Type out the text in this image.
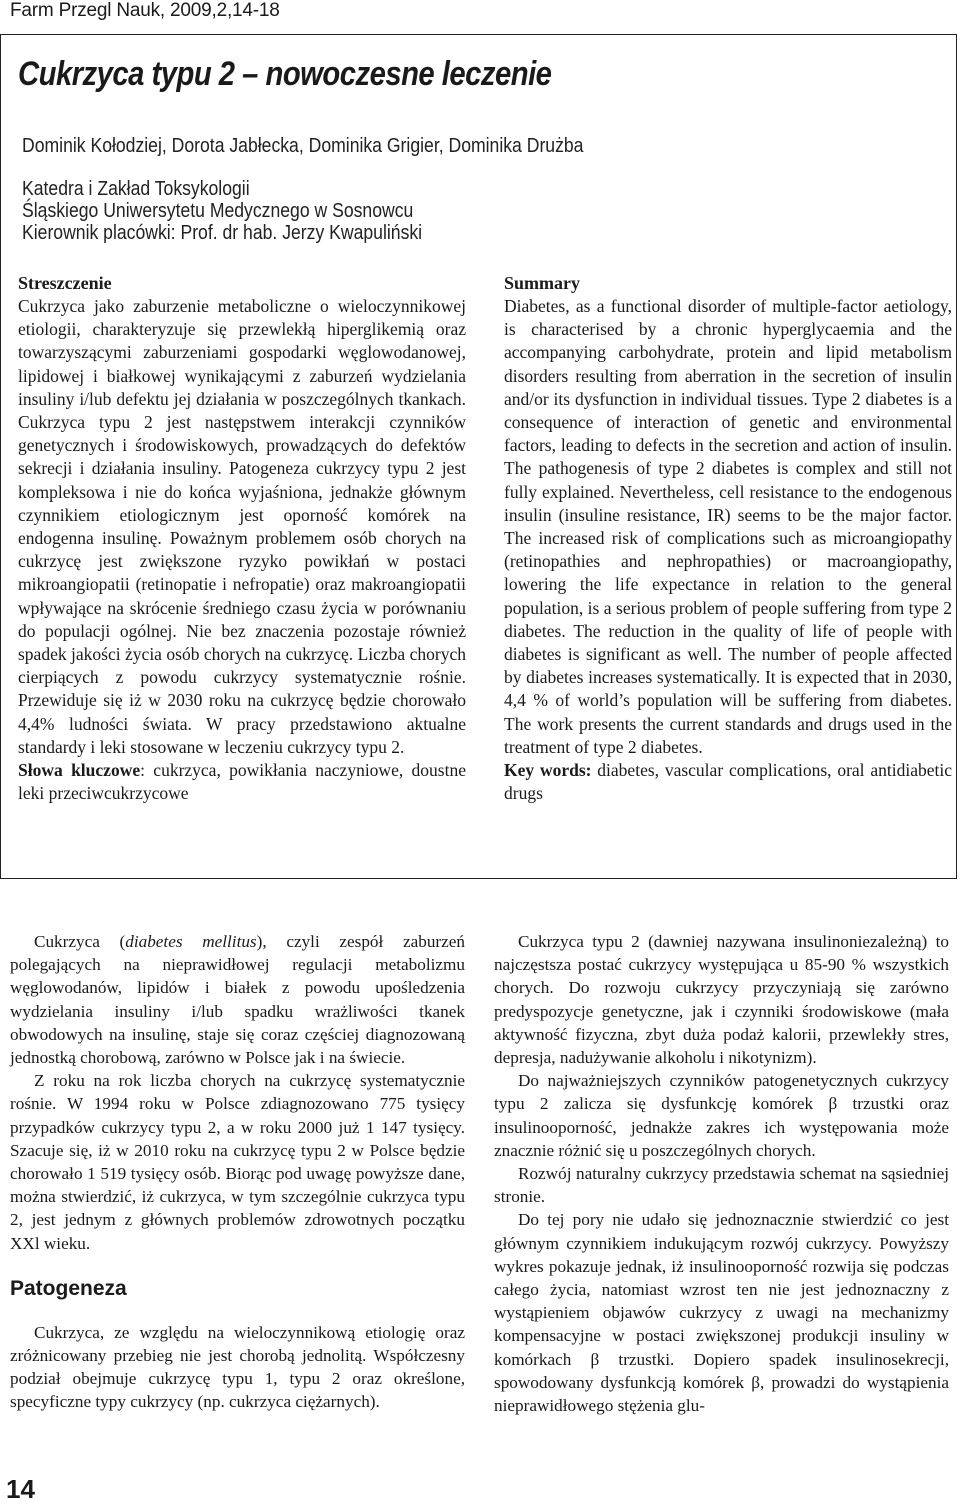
Farm Przegl Nauk, 2009,2,14-18
Cukrzyca typu 2 – nowoczesne leczenie
Dominik Kołodziej, Dorota Jabłecka, Dominika Grigier, Dominika Drużba
Katedra i Zakład Toksykologii
Śląskiego Uniwersytetu Medycznego w Sosnowcu
Kierownik placówki: Prof. dr hab. Jerzy Kwapuliński
Streszczenie

Cukrzyca jako zaburzenie metaboliczne o wieloczynnikowej etiologii, charakteryzuje się przewlekłą hiperglikemią oraz towarzyszącymi zaburzeniami gospodarki węglowodanowej, lipidowej i białkowej wynikającymi z zaburzeń wydzielania insuliny i/lub defektu jej działania w poszczególnych tkankach. Cukrzyca typu 2 jest następstwem interakcji czynników genetycznych i środowiskowych, prowadzących do defektów sekrecji i działania insuliny. Patogeneza cukrzycy typu 2 jest kompleksowa i nie do końca wyjaśniona, jednakże głównym czynnikiem etiologicznym jest oporność komórek na endogenna insulinę. Poważnym problemem osób chorych na cukrzycę jest zwiększone ryzyko powikłań w postaci mikroangiopatii (retinopatie i nefropatie) oraz makroangiopatii wpływające na skrócenie średniego czasu życia w porównaniu do populacji ogólnej. Nie bez znaczenia pozostaje również spadek jakości życia osób chorych na cukrzycę. Liczba chorych cierpiących z powodu cukrzycy systematycznie rośnie. Przewiduje się iż w 2030 roku na cukrzycę będzie chorowało 4,4% ludności świata. W pracy przedstawiono aktualne standardy i leki stosowane w leczeniu cukrzycy typu 2.

Słowa kluczowe: cukrzyca, powikłania naczyniowe, doustne leki przeciwcukrzycowe

Summary

Diabetes, as a functional disorder of multiple-factor aetiology, is characterised by a chronic hyperglycaemia and the accompanying carbohydrate, protein and lipid metabolism disorders resulting from aberration in the secretion of insulin and/or its dysfunction in individual tissues. Type 2 diabetes is a consequence of interaction of genetic and environmental factors, leading to defects in the secretion and action of insulin. The pathogenesis of type 2 diabetes is complex and still not fully explained. Nevertheless, cell resistance to the endogenous insulin (insuline resistance, IR) seems to be the major factor. The increased risk of complications such as microangiopathy (retinopathies and nephropathies) or macroangiopathy, lowering the life expectance in relation to the general population, is a serious problem of people suffering from type 2 diabetes. The reduction in the quality of life of people with diabetes is significant as well. The number of people affected by diabetes increases systematically. It is expected that in 2030, 4,4 % of world’s population will be suffering from diabetes. The work presents the current standards and drugs used in the treatment of type 2 diabetes.

Key words: diabetes, vascular complications, oral antidiabetic drugs

Cukrzyca (diabetes mellitus), czyli zespół zaburzeń polegających na nieprawidłowej regulacji metabolizmu węglowodanów, lipidów i białek z powodu upośledzenia wydzielania insuliny i/lub spadku wrażliwości tkanek obwodowych na insulinę, staje się coraz częściej diagnozowaną jednostką chorobową, zarówno w Polsce jak i na świecie.

Z roku na rok liczba chorych na cukrzycę systematycznie rośnie. W 1994 roku w Polsce zdiagnozowano 775 tysięcy przypadków cukrzycy typu 2, a w roku 2000 już 1 147 tysięcy. Szacuje się, iż w 2010 roku na cukrzycę typu 2 w Polsce będzie chorowało 1 519 tysięcy osób. Biorąc pod uwagę powyższe dane, można stwierdzić, iż cukrzyca, w tym szczególnie cukrzyca typu 2, jest jednym z głównych problemów zdrowotnych początku XXl wieku.

Patogeneza

Cukrzyca, ze względu na wieloczynnikową etiologię oraz zróżnicowany przebieg nie jest chorobą jednolitą. Współczesny podział obejmuje cukrzycę typu 1, typu 2 oraz określone, specyficzne typy cukrzycy (np. cukrzyca ciężarnych).

Cukrzyca typu 2 (dawniej nazywana insulinoniezależną) to najczęstsza postać cukrzycy występująca u 85-90 % wszystkich chorych. Do rozwoju cukrzycy przyczyniają się zarówno predyspozycje genetyczne, jak i czynniki środowiskowe (mała aktywność fizyczna, zbyt duża podaż kalorii, przewlekły stres, depresja, nadużywanie alkoholu i nikotynizm).

Do najważniejszych czynników patogenetycznych cukrzycy typu 2 zalicza się dysfunkcję komórek β trzustki oraz insulinooporność, jednakże zakres ich występowania może znacznie różnić się u poszczególnych chorych.

Rozwój naturalny cukrzycy przedstawia schemat na sąsiedniej stronie.

Do tej pory nie udało się jednoznacznie stwierdzić co jest głównym czynnikiem indukującym rozwój cukrzycy. Powyższy wykres pokazuje jednak, iż insulinooporność rozwija się podczas całego życia, natomiast wzrost ten nie jest jednoznaczny z wystąpieniem objawów cukrzycy z uwagi na mechanizmy kompensacyjne w postaci zwiększonej produkcji insuliny w komórkach β trzustki. Dopiero spadek insulinosekrecji, spowodowany dysfunkcją komórek β, prowadzi do wystąpienia nieprawidłowego stężenia glu-

14
